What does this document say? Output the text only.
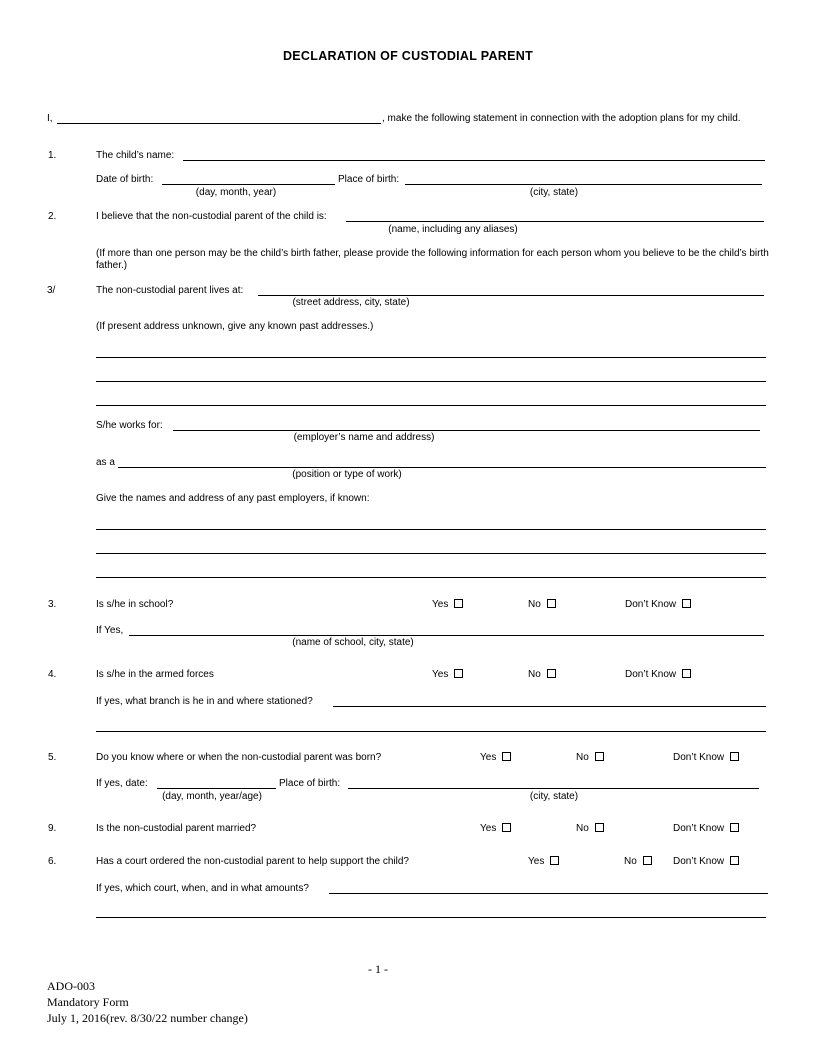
DECLARATION OF CUSTODIAL PARENT
I,	, make the following statement in connection with the adoption plans for my child.
1.	The child’s name:
Date of birth:
(day, month, year)
Place of birth:
(city, state)
2.	I believe that the non-custodial parent of the child is:
(name, including any aliases)
(If more than one person may be the child’s birth father, please provide the following information for each person whom you believe to be the child’s birth father.)
3/	The non-custodial parent lives at:
(street address, city, state)
(If present address unknown, give any known past addresses.)
S/he works for:
(employer’s name and address)
as a
(position or type of work)
Give the names and address of any past employers, if known:
3.	Is s/he in school?	Yes	No	Don’t Know
If Yes,
(name of school, city, state)
4.	Is s/he in the armed forces	Yes	No	Don’t Know
If yes, what branch is he in and where stationed?
5.	Do you know where or when the non-custodial parent was born?	Yes	No	Don’t Know
If yes, date:
(day, month, year/age)
Place of birth:
(city, state)
9.	Is the non-custodial parent married?	Yes	No	Don’t Know
6.	Has a court ordered the non-custodial parent to help support the child?	Yes	No	Don’t Know
If yes, which court, when, and in what amounts?
- 1 -
ADO-003
Mandatory Form
July 1, 2016(rev. 8/30/22 number change)
